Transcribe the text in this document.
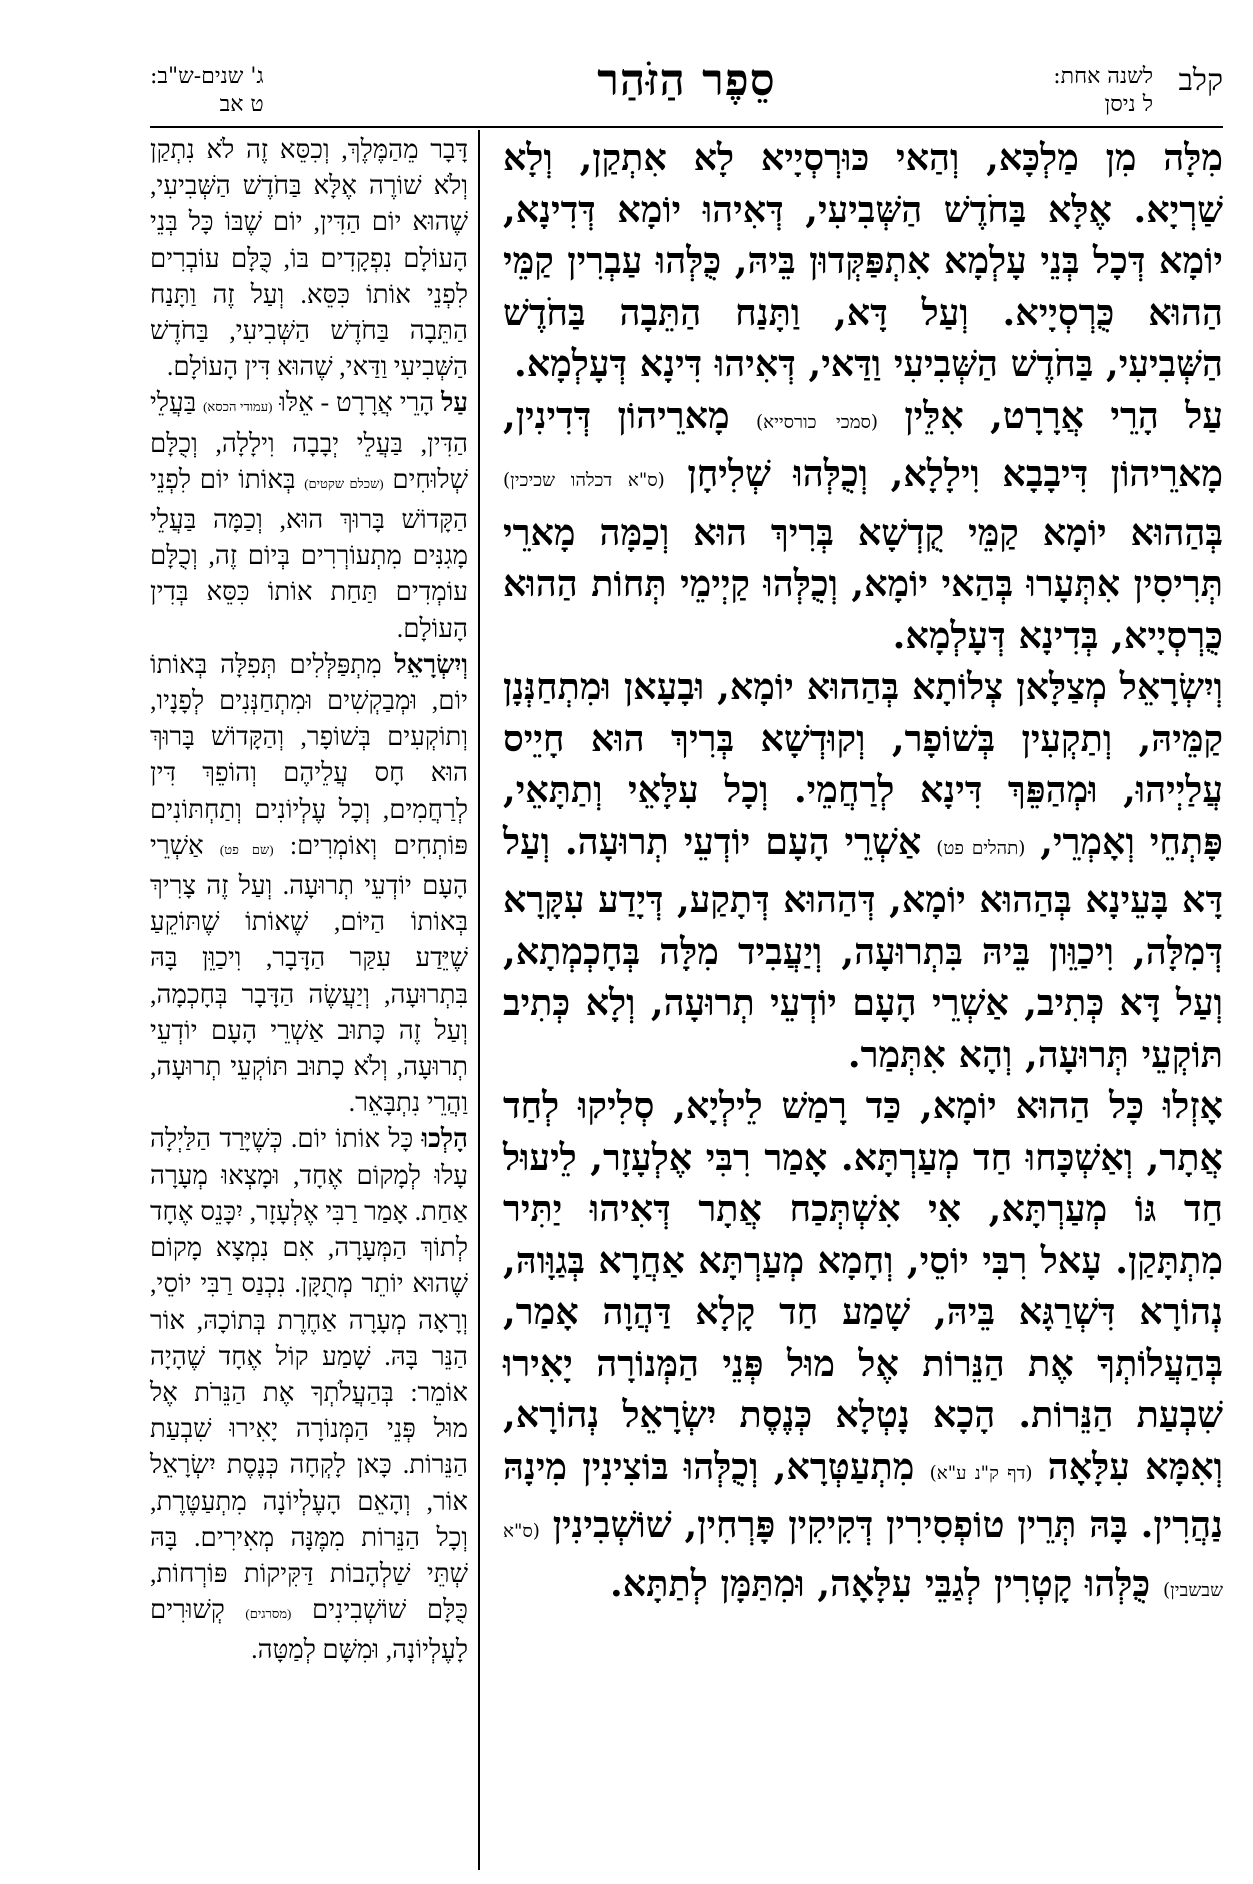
קלב
לשנה אחת:
ל ניסן
סֵפֶר הַזֹּהַר
ג' שנים-ש"ב:
ט אב

מִלָּה מִן מַלְכָּא, וְהַאי כּוּרְסְיָיא לָא אִתְקַן, וְלָא שַׁרְיָא. אֶלָּא בַּחֹדֶשׁ הַשְּׁבִיעִי, דְּאִיהוּ יוֹמָא דְּדִינָא, יוֹמָא דְּכָל בְּנֵי עָלְמָא אִתְפַּקְּדוּן בֵּיהּ, כֻּלְּהוּ עַבְרִין קַמֵּי הַהוּא כֻּרְסְיָיא. וְעַל דָּא, וַתָּנַח הַתֵּבָה בַּחֹדֶשׁ הַשְּׁבִיעִי, בַּחֹדֶשׁ הַשְּׁבִיעִי וַדַּאי, דְּאִיהוּ דִּינָא דְּעָלְמָא.

עַל הָרֵי אֲרָרָט, אִלֵּין (סמכי כורסייא) מָארֵיהוֹן דְּדִינִין, מָארֵיהוֹן דִּיבָבָא וִילָלָא, וְכֻלְּהוּ שְׁלִיחָן (ס"א דכלהו שכיכין) בְּהַהוּא יוֹמָא קַמֵּי קֻדְשָׁא בְּרִיךְ הוּא וְכַמָּה מָארֵי תְּרִיסִין אִתְּעָרוּ בְּהַאי יוֹמָא, וְכֻלְּהוּ קַיְימֵי תְּחוֹת הַהוּא כֻּרְסְיָיא, בְּדִינָא דְּעָלְמָא.

וְיִשְׂרָאֵל מְצַלָּאן צְלוֹתָא בְּהַהוּא יוֹמָא, וּבָעָאן וּמִתְחַנְּנָן קַמֵּיהּ, וְתַקְעִין בְּשׁוֹפָר, וְקוּדְשָׁא בְּרִיךְ הוּא חָיֵיס עֲלַיְיהוּ, וּמְהַפֵּךְ דִּינָא לְרַחֲמֵי. וְכָל עִלָּאֵי וְתַתָּאֵי, פָּתְחֵי וְאָמְרֵי, (תהלים פט) אַשְׁרֵי הָעָם יוֹדְעֵי תְרוּעָה. וְעַל דָּא בָּעֵינָא בְּהַהוּא יוֹמָא, דְּהַהוּא דְּתָקַע, דְּיָדַע עִקָּרָא דְּמִלָּה, וִיכַוֵּון בֵּיהּ בִּתְרוּעָה, וְיַעֲבִיד מִלָּה בְּחָכְמְתָא, וְעַל דָּא כְּתִיב, אַשְׁרֵי הָעָם יוֹדְעֵי תְרוּעָה, וְלָא כְּתִיב תּוֹקְעֵי תְּרוּעָה, וְהָא אִתְּמַר.

אָזְלוּ כָּל הַהוּא יוֹמָא, כַּד רָמַשׁ לֵילְיָא, סְלִיקוּ לְחַד אֲתָר, וְאַשְׁכָּחוּ חַד מְעַרְתָּא. אָמַר רִבִּי אֶלְעָזָר, לֵיעוּל חַד גּוֹ מְעַרְתָּא, אִי אִשְׁתְּכַח אֲתָר דְּאִיהוּ יַתִּיר מִתְתָּקַן. עָאל רִבִּי יוֹסֵי, וְחָמָא מְעַרְתָּא אַחֲרָא בְּגַוָּוהּ, נְהוֹרָא דִּשְׁרַגָּא בֵּיהּ, שָׁמַע חַד קָלָא דַּהֲוָה אָמַר, בְּהַעֲלוֹתְךָ אֶת הַנֵּרוֹת אֶל מוּל פְּנֵי הַמְּנוֹרָה יָאִירוּ שִׁבְעַת הַנֵּרוֹת. הָכָא נָטְלָא כְּנֶסֶת יִשְׂרָאֵל נְהוֹרָא, וְאִמָּא עִלָּאָה (דף ק"נ ע"א) מִתְעַטְּרָא, וְכֻלְּהוּ בּוֹצִינִין מִינָהּ נַהֲרִין. בָּהּ תְּרֵין טוֹפְסִירִין דְּקִיקִין פָּרְחִין, שׁוֹשְׁבִינִין (ס"א שבשבין) כֻּלְּהוּ קָטְרִין לְגַבֵּי עִלָּאָה, וּמִתַּמָּן לְתַתָּא.

דָּבָר מֵהַמֶּלֶךְ, וְכִסֵּא זֶה לֹא נִתְקַן וְלֹא שׁוֹרֶה אֶלָּא בַּחֹדֶשׁ הַשְּׁבִיעִי, שֶׁהוּא יוֹם הַדִּין, יוֹם שֶׁבּוֹ כָּל בְּנֵי הָעוֹלָם נִפְקָדִים בּוֹ, כֻּלָּם עוֹבְרִים לִפְנֵי אוֹתוֹ כִּסֵּא. וְעַל זֶה וַתָּנַח הַתֵּבָה בַּחֹדֶשׁ הַשְּׁבִיעִי, בַּחֹדֶשׁ הַשְּׁבִיעִי וַדַּאי, שֶׁהוּא דִּין הָעוֹלָם.

עַל הָרֵי אֲרָרָט - אֵלּוּ (עמודי הכסא) בַּעֲלֵי הַדִּין, בַּעֲלֵי יְבָבָה וִילָלָה, וְכֻלָּם שְׁלוּחִים (שכלם שקטים) בְּאוֹתוֹ יוֹם לִפְנֵי הַקָּדוֹשׁ בָּרוּךְ הוּא, וְכַמָּה בַּעֲלֵי מָגִנִּים מִתְעוֹרְרִים בְּיוֹם זֶה, וְכֻלָּם עוֹמְדִים תַּחַת אוֹתוֹ כִּסֵּא בְּדִין הָעוֹלָם.

וְיִשְׂרָאֵל מִתְפַּלְּלִים תְּפִלָּה בְּאוֹתוֹ יוֹם, וּמְבַקְשִׁים וּמִתְחַנְּנִים לְפָנָיו, וְתוֹקְעִים בְּשׁוֹפָר, וְהַקָּדוֹשׁ בָּרוּךְ הוּא חָס עֲלֵיהֶם וְהוֹפֵךְ דִּין לְרַחֲמִים, וְכָל עֶלְיוֹנִים וְתַחְתּוֹנִים פּוֹתְחִים וְאוֹמְרִים: (שם פט) אַשְׁרֵי הָעָם יוֹדְעֵי תְרוּעָה. וְעַל זֶה צָרִיךְ בְּאוֹתוֹ הַיּוֹם, שֶׁאוֹתוֹ שֶׁתּוֹקֵעַ שֶׁיֵּדַע עִקַּר הַדָּבָר, וִיכַוֵּן בָּהּ בִּתְרוּעָה, וְיַעֲשֶׂה הַדָּבָר בְּחָכְמָה, וְעַל זֶה כָּתוּב אַשְׁרֵי הָעָם יוֹדְעֵי תְרוּעָה, וְלֹא כָתוּב תּוֹקְעֵי תְרוּעָה, וַהֲרֵי נִתְבָּאֵר.

הָלְכוּ כָּל אוֹתוֹ יוֹם. כְּשֶׁיָּרַד הַלַּיְלָה עָלוּ לְמָקוֹם אֶחָד, וּמָצְאוּ מְעָרָה אַחַת. אָמַר רַבִּי אֶלְעָזָר, יִכָּנֵס אֶחָד לְתוֹךְ הַמְּעָרָה, אִם נִמְצָא מָקוֹם שֶׁהוּא יוֹתֵר מְתֻקָּן. נִכְנַס רַבִּי יוֹסֵי, וְרָאָה מְעָרָה אַחֶרֶת בְּתוֹכָהּ, אוֹר הַנֵּר בָּהּ. שָׁמַע קוֹל אֶחָד שֶׁהָיָה אוֹמֵר: בְּהַעֲלֹתְךָ אֶת הַנֵּרֹת אֶל מוּל פְּנֵי הַמְּנוֹרָה יָאִירוּ שִׁבְעַת הַנֵּרוֹת. כָּאן לָקְחָה כְּנֶסֶת יִשְׂרָאֵל אוֹר, וְהָאֵם הָעֶלְיוֹנָה מִתְעַטֶּרֶת, וְכָל הַנֵּרוֹת מִמֶּנָּה מְאִירִים. בָּהּ שְׁתֵּי שַׁלְהָבוֹת דַּקִּיקוֹת פּוֹרְחוֹת, כֻּלָּם שׁוֹשְׁבִינִים (מסרגים) קְשׁוּרִים לָעֶלְיוֹנָה, וּמִשָּׁם לְמַטָּה.
